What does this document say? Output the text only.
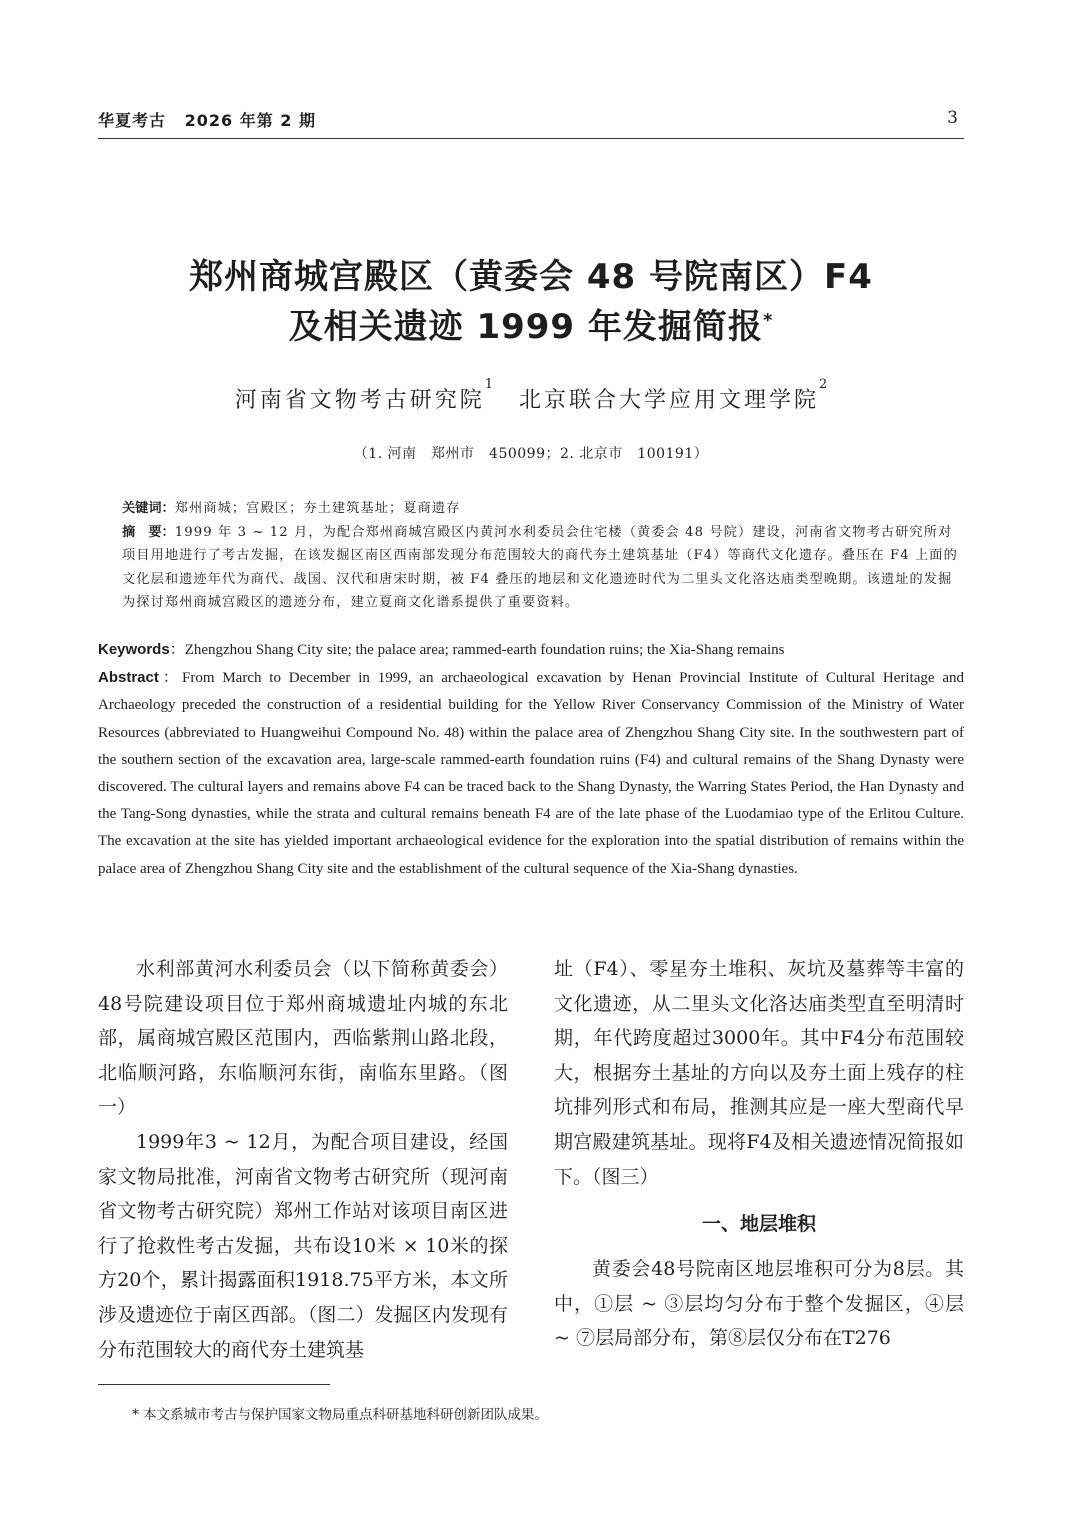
华夏考古 2026 年第 2 期	3
郑州商城宫殿区（黄委会 48 号院南区）F4
及相关遗迹 1999 年发掘简报*
河南省文物考古研究院$^1$北京联合大学应用文理学院$^2$
（1. 河南　郑州市　450099；2. 北京市　100191）

关键词：郑州商城；宫殿区；夯土建筑基址；夏商遗存

摘　要：1999 年 3 ~ 12 月，为配合郑州商城宫殿区内黄河水利委员会住宅楼（黄委会 48 号院）建设，河南省文物考古研究所对项目用地进行了考古发掘，在该发掘区南区西南部发现分布范围较大的商代夯土建筑基址（F4）等商代文化遗存。叠压在 F4 上面的文化层和遗迹年代为商代、战国、汉代和唐宋时期，被 F4 叠压的地层和文化遗迹时代为二里头文化洛达庙类型晚期。该遗址的发掘为探讨郑州商城宫殿区的遗迹分布，建立夏商文化谱系提供了重要资料。

Keywords：Zhengzhou Shang City site; the palace area; rammed-earth foundation ruins; the Xia-Shang remains

Abstract：From March to December in 1999, an archaeological excavation by Henan Provincial Institute of Cultural Heritage and Archaeology preceded the construction of a residential building for the Yellow River Conservancy Commission of the Ministry of Water Resources (abbreviated to Huangweihui Compound No. 48) within the palace area of Zhengzhou Shang City site. In the southwestern part of the southern section of the excavation area, large-scale rammed-earth foundation ruins (F4) and cultural remains of the Shang Dynasty were discovered. The cultural layers and remains above F4 can be traced back to the Shang Dynasty, the Warring States Period, the Han Dynasty and the Tang-Song dynasties, while the strata and cultural remains beneath F4 are of the late phase of the Luodamiao type of the Erlitou Culture. The excavation at the site has yielded important archaeological evidence for the exploration into the spatial distribution of remains within the palace area of Zhengzhou Shang City site and the establishment of the cultural sequence of the Xia-Shang dynasties.

水利部黄河水利委员会（以下简称黄委会）48号院建设项目位于郑州商城遗址内城的东北部，属商城宫殿区范围内，西临紫荆山路北段，北临顺河路，东临顺河东街，南临东里路。（图一）

1999年3 ~ 12月，为配合项目建设，经国家文物局批准，河南省文物考古研究所（现河南省文物考古研究院）郑州工作站对该项目南区进行了抢救性考古发掘，共布设10米 × 10米的探方20个，累计揭露面积1918.75平方米，本文所涉及遗迹位于南区西部。（图二）发掘区内发现有分布范围较大的商代夯土建筑基

址（F4）、零星夯土堆积、灰坑及墓葬等丰富的文化遗迹，从二里头文化洛达庙类型直至明清时期，年代跨度超过3000年。其中F4分布范围较大，根据夯土基址的方向以及夯土面上残存的柱坑排列形式和布局，推测其应是一座大型商代早期宫殿建筑基址。现将F4及相关遗迹情况简报如下。（图三）

一、地层堆积

黄委会48号院南区地层堆积可分为8层。其中，①层 ~ ③层均匀分布于整个发掘区，④层 ~ ⑦层局部分布，第⑧层仅分布在T276

* 本文系城市考古与保护国家文物局重点科研基地科研创新团队成果。
